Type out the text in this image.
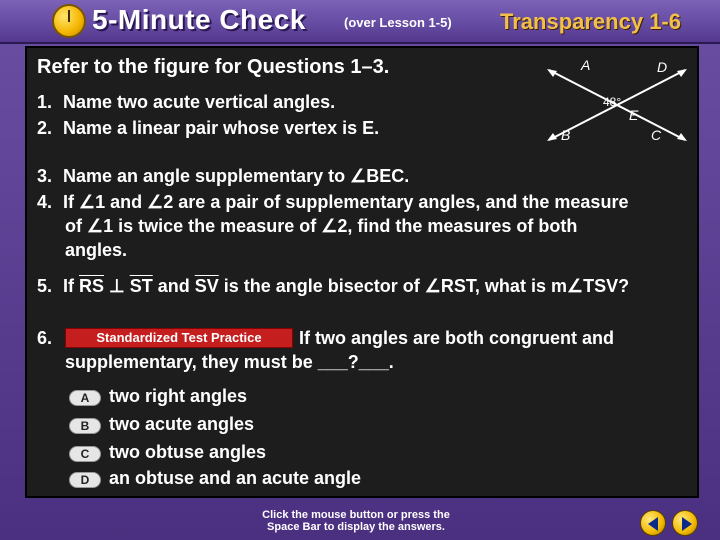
5-Minute Check	(over Lesson 1-5) Transparency 1-6
Refer to the figure for Questions 1–3.	A	D
48°
E
B	C
1. Name two acute vertical angles.
2. Name a linear pair whose vertex is E.
3. Name an angle supplementary to ∠BEC.
4. If ∠1 and ∠2 are a pair of supplementary angles, and the measure
of ∠1 is twice the measure of ∠2, find the measures of both
angles.
5. If $\overline{RS}$ ⊥ $\overline{ST}$ and $\overline{SV}$ is the angle bisector of ∠RST, what is m∠TSV?
6.	Standardized Test Practice	If two angles are both congruent and
supplementary, they must be ___?___.
A	two right angles
B	two acute angles
C	two obtuse angles
D	an obtuse and an acute angle
Click the mouse button or press the
Space Bar to display the answers.
